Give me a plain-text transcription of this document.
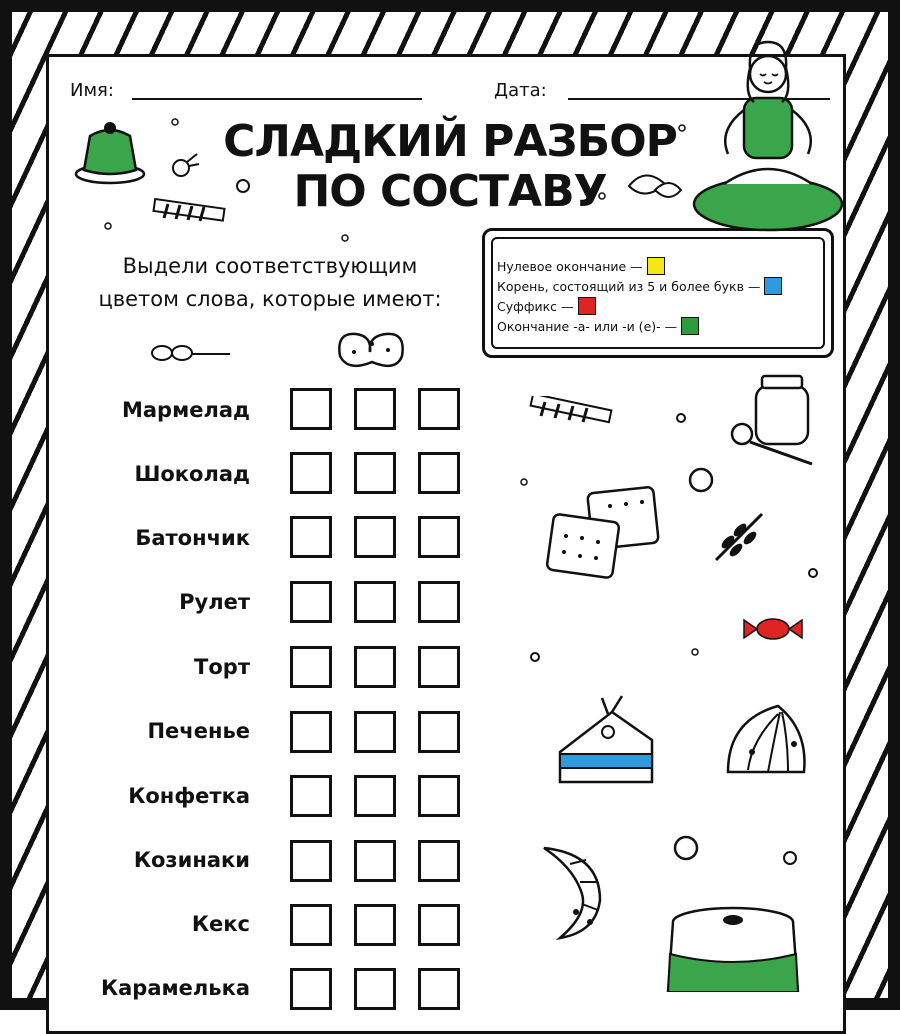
Имя:	Дата:
СЛАДКИЙ РАЗБОР
ПО СОСТАВУ
Выдели соответствующим
цветом слова, которые имеют:
Нулевое окончание —
Корень, состоящий из 5 и более букв —
Суффикс —
Окончание -а- или -и (е)- —
Мармелад
Шоколад
Батончик
Рулет
Торт
Печенье
Конфетка
Козинаки
Кекс
Карамелька
